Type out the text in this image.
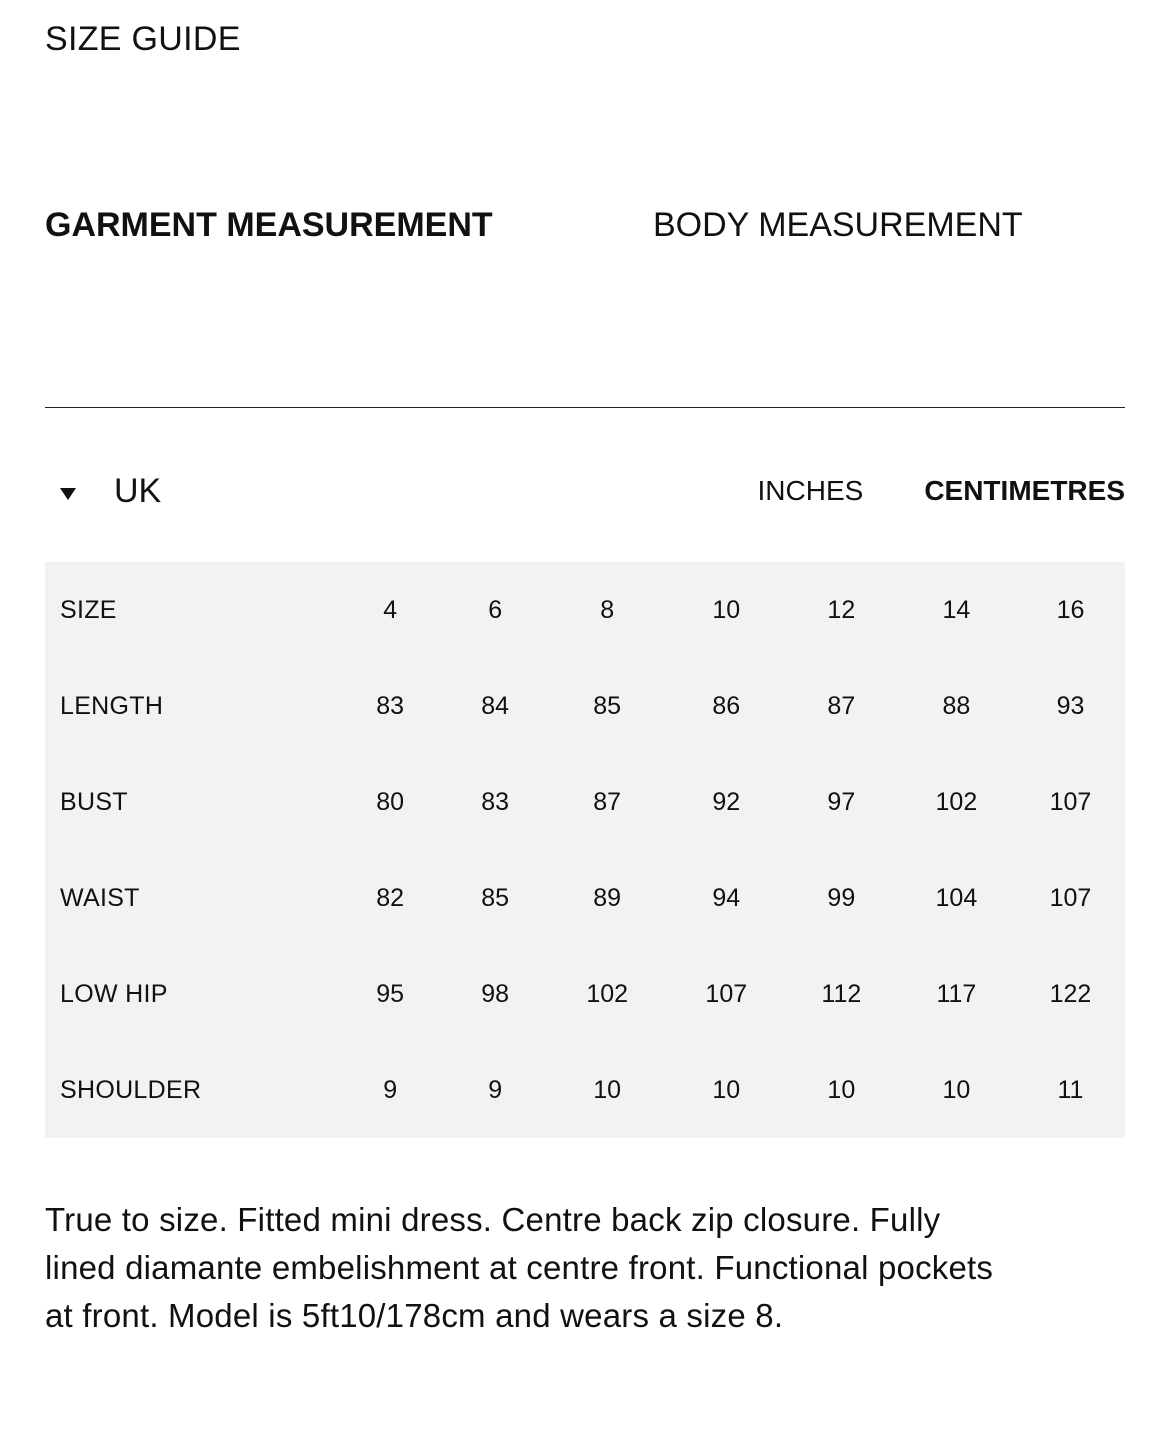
SIZE GUIDE
GARMENT MEASUREMENT	BODY MEASUREMENT
UK	INCHES CENTIMETRES
SIZE	4	6	8	10	12	14	16
LENGTH	83	84	85	86	87	88	93
BUST	80	83	87	92	97	102	107
WAIST	82	85	89	94	99	104	107
LOW HIP	95	98	102	107	112	117	122
SHOULDER	9	9	10	10	10	10	11
True to size. Fitted mini dress. Centre back zip closure. Fully lined diamante embelishment at centre front. Functional pockets at front. Model is 5ft10/178cm and wears a size 8.
